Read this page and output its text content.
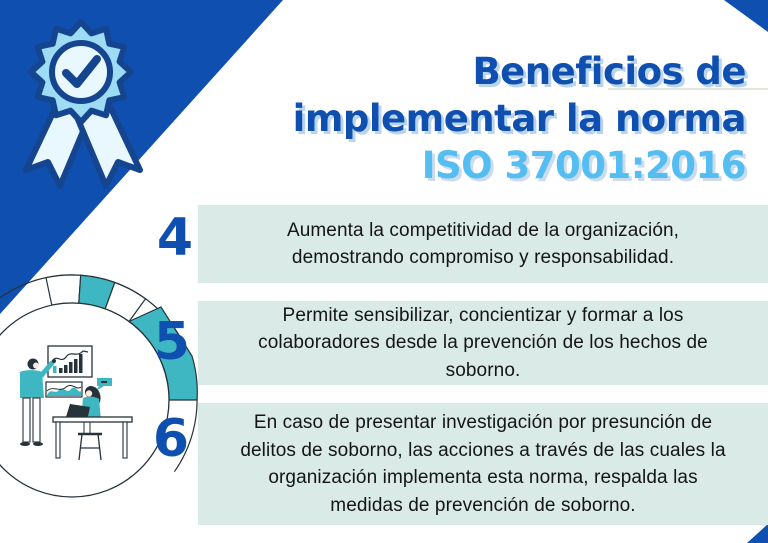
Beneficios de
implementar la norma
ISO 37001:2016
Aumenta la competitividad de la organización,
demostrando compromiso y responsabilidad.
4
Permite sensibilizar, concientizar y formar a los
colaboradores desde la prevención de los hechos de
soborno.
5
En caso de presentar investigación por presunción de
delitos de soborno, las acciones a través de las cuales la
organización implementa esta norma, respalda las
medidas de prevención de soborno.
6
